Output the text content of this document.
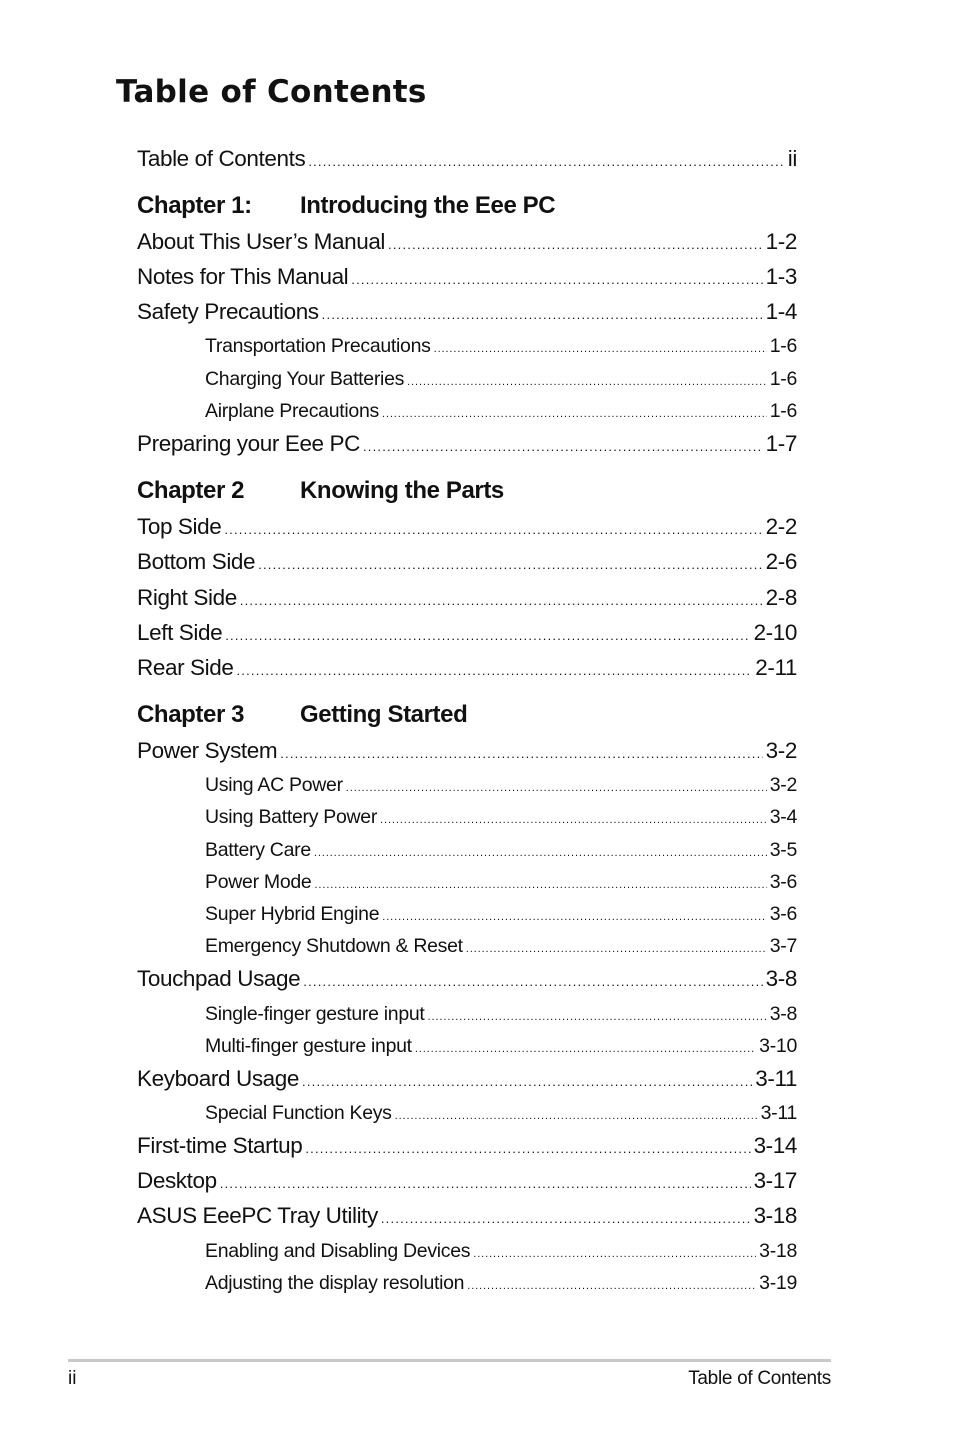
Table of Contents
Table of Contents .....	ii
Chapter 1:	Introducing the Eee PC
About This User’s Manual .....	1-2
Notes for This Manual .....	1-3
Safety Precautions .....	1-4
Transportation Precautions .....	1-6
Charging Your Batteries .....	1-6
Airplane Precautions .....	1-6
Preparing your Eee PC .....	1-7
Chapter 2	Knowing the Parts
Top Side .....	2-2
Bottom Side .....	2-6
Right Side .....	2-8
Left Side .....	2-10
Rear Side .....	2-11
Chapter 3	Getting Started
Power System .....	3-2
Using AC Power .....	3-2
Using Battery Power .....	3-4
Battery Care .....	3-5
Power Mode .....	3-6
Super Hybrid Engine .....	3-6
Emergency Shutdown & Reset .....	3-7
Touchpad Usage .....	3-8
Single-finger gesture input .....	3-8
Multi-finger gesture input .....	3-10
Keyboard Usage .....	3-11
Special Function Keys .....	3-11
First-time Startup .....	3-14
Desktop .....	3-17
ASUS EeePC Tray Utility .....	3-18
Enabling and Disabling Devices .....	3-18
Adjusting the display resolution .....	3-19
ii	Table of Contents
